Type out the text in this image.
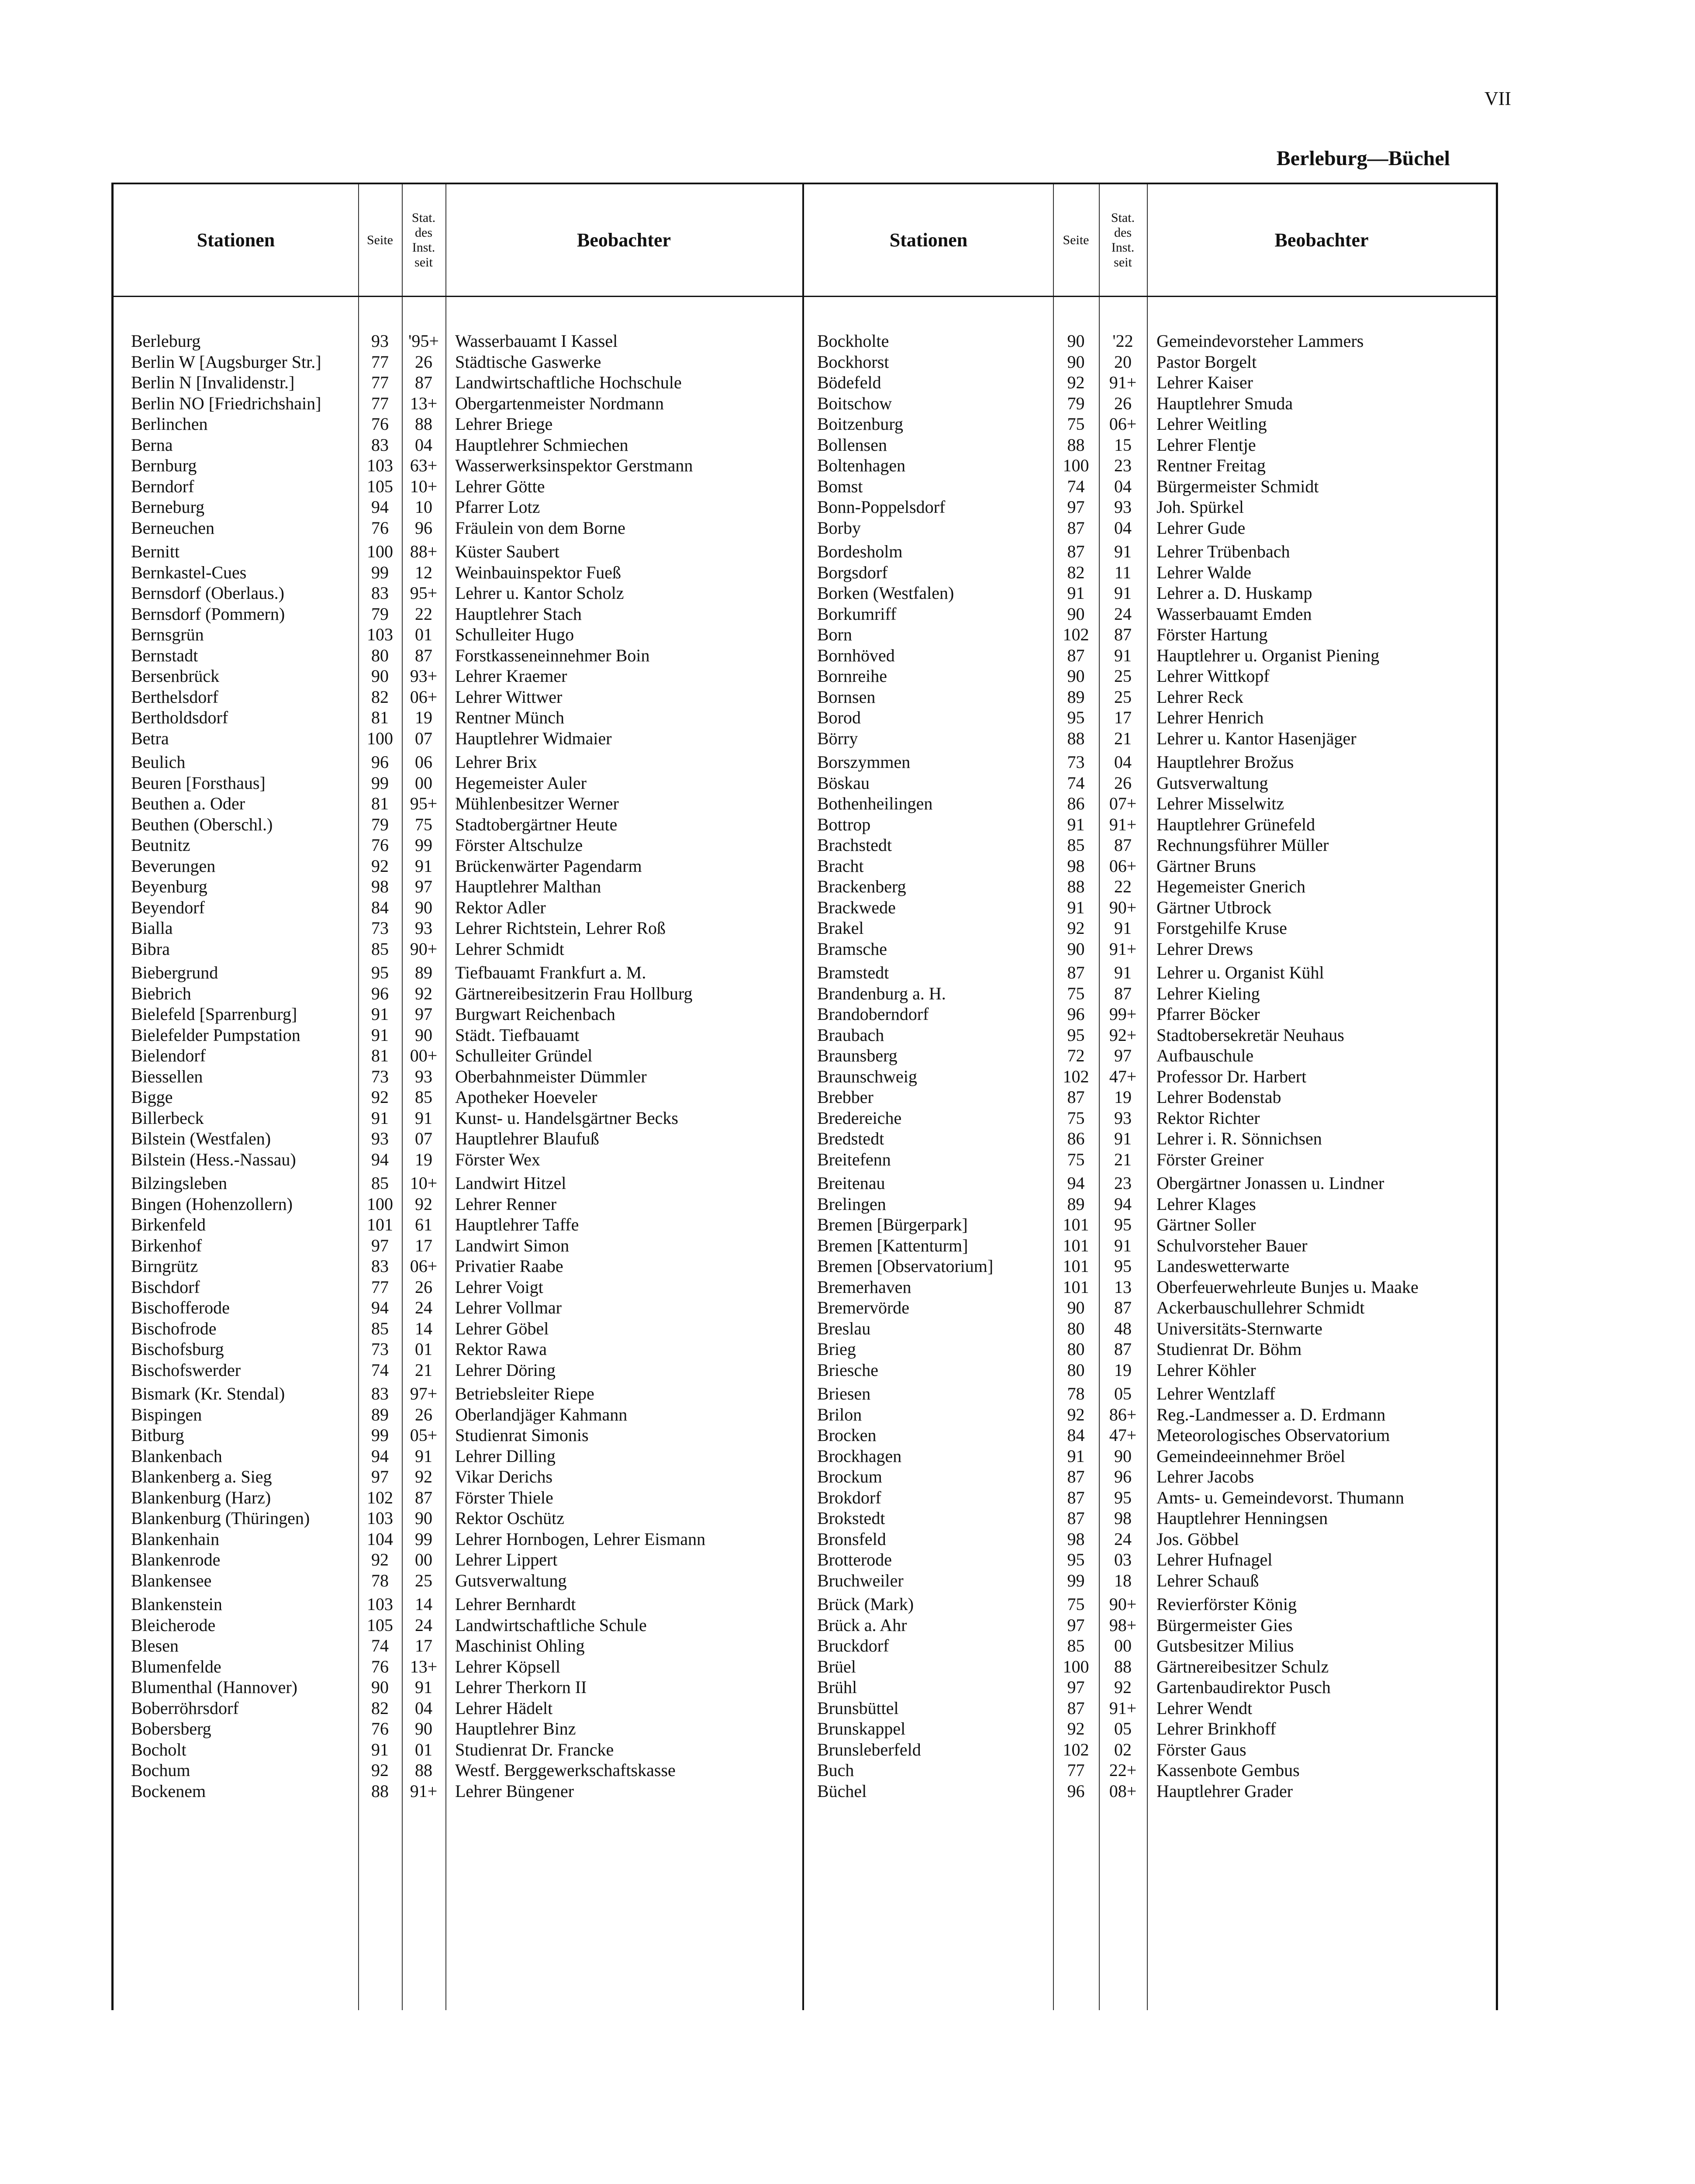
VII
Berleburg—Büchel
Stationen	Seite
Stat.
des
Inst.
seit
Beobachter
Berleburg	93	'95+ Wasserbauamt I Kassel
Berlin W [Augsburger Str.]	77	26	Städtische Gaswerke
Berlin N [Invalidenstr.]	77	87	Landwirtschaftliche Hochschule
Berlin NO [Friedrichshain]	77	13+	Obergartenmeister Nordmann
Berlinchen	76	88	Lehrer Briege
Berna	83	04	Hauptlehrer Schmiechen
Bernburg	103 63+	Wasserwerksinspektor Gerstmann
Berndorf	105 10+	Lehrer Götte
Berneburg	94	10	Pfarrer Lotz
Berneuchen	76	96	Fräulein von dem Borne
Bernitt	100 88+	Küster Saubert
Bernkastel-Cues	99	12	Weinbauinspektor Fueß
Bernsdorf (Oberlaus.)	83	95+	Lehrer u. Kantor Scholz
Bernsdorf (Pommern)	79	22	Hauptlehrer Stach
Bernsgrün	103	01	Schulleiter Hugo
Bernstadt	80	87	Forstkasseneinnehmer Boin
Bersenbrück	90	93+	Lehrer Kraemer
Berthelsdorf	82	06+	Lehrer Wittwer
Bertholdsdorf	81	19	Rentner Münch
Betra	100	07	Hauptlehrer Widmaier
Beulich	96	06	Lehrer Brix
Beuren [Forsthaus]	99	00	Hegemeister Auler
Beuthen a. Oder	81	95+	Mühlenbesitzer Werner
Beuthen (Oberschl.)	79	75	Stadtobergärtner Heute
Beutnitz	76	99	Förster Altschulze
Beverungen	92	91	Brückenwärter Pagendarm
Beyenburg	98	97	Hauptlehrer Malthan
Beyendorf	84	90	Rektor Adler
Bialla	73	93	Lehrer Richtstein, Lehrer Roß
Bibra	85	90+	Lehrer Schmidt
Biebergrund	95	89	Tiefbauamt Frankfurt a. M.
Biebrich	96	92	Gärtnereibesitzerin Frau Hollburg
Bielefeld [Sparrenburg]	91	97	Burgwart Reichenbach
Bielefelder Pumpstation	91	90	Städt. Tiefbauamt
Bielendorf	81	00+	Schulleiter Gründel
Biessellen	73	93	Oberbahnmeister Dümmler
Bigge	92	85	Apotheker Hoeveler
Billerbeck	91	91	Kunst- u. Handelsgärtner Becks
Bilstein (Westfalen)	93	07	Hauptlehrer Blaufuß
Bilstein (Hess.-Nassau)	94	19	Förster Wex
Bilzingsleben	85	10+	Landwirt Hitzel
Bingen (Hohenzollern)	100	92	Lehrer Renner
Birkenfeld	101	61	Hauptlehrer Taffe
Birkenhof	97	17	Landwirt Simon
Birngrütz	83	06+	Privatier Raabe
Bischdorf	77	26	Lehrer Voigt
Bischofferode	94	24	Lehrer Vollmar
Bischofrode	85	14	Lehrer Göbel
Bischofsburg	73	01	Rektor Rawa
Bischofswerder	74	21	Lehrer Döring
Bismark (Kr. Stendal)	83	97+	Betriebsleiter Riepe
Bispingen	89	26	Oberlandjäger Kahmann
Bitburg	99	05+	Studienrat Simonis
Blankenbach	94	91	Lehrer Dilling
Blankenberg a. Sieg	97	92	Vikar Derichs
Blankenburg (Harz)	102	87	Förster Thiele
Blankenburg (Thüringen)	103	90	Rektor Oschütz
Blankenhain	104	99	Lehrer Hornbogen, Lehrer Eismann
Blankenrode	92	00	Lehrer Lippert
Blankensee	78	25	Gutsverwaltung
Blankenstein	103	14	Lehrer Bernhardt
Bleicherode	105	24	Landwirtschaftliche Schule
Blesen	74	17	Maschinist Ohling
Blumenfelde	76	13+	Lehrer Köpsell
Blumenthal (Hannover)	90	91	Lehrer Therkorn II
Boberröhrsdorf	82	04	Lehrer Hädelt
Bobersberg	76	90	Hauptlehrer Binz
Bocholt	91	01	Studienrat Dr. Francke
Bochum	92	88	Westf. Berggewerkschaftskasse
Bockenem	88	91+	Lehrer Büngener
Stationen	Seite
Stat.
des
Inst.
seit
Beobachter
Bockholte	90	'22	Gemeindevorsteher Lammers
Bockhorst	90	20	Pastor Borgelt
Bödefeld	92	91+	Lehrer Kaiser
Boitschow	79	26	Hauptlehrer Smuda
Boitzenburg	75	06+	Lehrer Weitling
Bollensen	88	15	Lehrer Flentje
Boltenhagen	100	23	Rentner Freitag
Bomst	74	04	Bürgermeister Schmidt
Bonn-Poppelsdorf	97	93	Joh. Spürkel
Borby	87	04	Lehrer Gude
Bordesholm	87	91	Lehrer Trübenbach
Borgsdorf	82	11	Lehrer Walde
Borken (Westfalen)	91	91	Lehrer a. D. Huskamp
Borkumriff	90	24	Wasserbauamt Emden
Born	102	87	Förster Hartung
Bornhöved	87	91	Hauptlehrer u. Organist Piening
Bornreihe	90	25	Lehrer Wittkopf
Bornsen	89	25	Lehrer Reck
Borod	95	17	Lehrer Henrich
Börry	88	21	Lehrer u. Kantor Hasenjäger
Borszymmen	73	04	Hauptlehrer Brožus
Böskau	74	26	Gutsverwaltung
Bothenheilingen	86	07+	Lehrer Misselwitz
Bottrop	91	91+	Hauptlehrer Grünefeld
Brachstedt	85	87	Rechnungsführer Müller
Bracht	98	06+	Gärtner Bruns
Brackenberg	88	22	Hegemeister Gnerich
Brackwede	91	90+	Gärtner Utbrock
Brakel	92	91	Forstgehilfe Kruse
Bramsche	90	91+	Lehrer Drews
Bramstedt	87	91	Lehrer u. Organist Kühl
Brandenburg a. H.	75	87	Lehrer Kieling
Brandoberndorf	96	99+	Pfarrer Böcker
Braubach	95	92+	Stadtobersekretär Neuhaus
Braunsberg	72	97	Aufbauschule
Braunschweig	102	47+	Professor Dr. Harbert
Brebber	87	19	Lehrer Bodenstab
Bredereiche	75	93	Rektor Richter
Bredstedt	86	91	Lehrer i. R. Sönnichsen
Breitefenn	75	21	Förster Greiner
Breitenau	94	23	Obergärtner Jonassen u. Lindner
Brelingen	89	94	Lehrer Klages
Bremen [Bürgerpark]	101	95	Gärtner Soller
Bremen [Kattenturm]	101	91	Schulvorsteher Bauer
Bremen [Observatorium]	101	95	Landeswetterwarte
Bremerhaven	101	13	Oberfeuerwehrleute Bunjes u. Maake
Bremervörde	90	87	Ackerbauschullehrer Schmidt
Breslau	80	48	Universitäts-Sternwarte
Brieg	80	87	Studienrat Dr. Böhm
Briesche	80	19	Lehrer Köhler
Briesen	78	05	Lehrer Wentzlaff
Brilon	92	86+	Reg.-Landmesser a. D. Erdmann
Brocken	84	47+	Meteorologisches Observatorium
Brockhagen	91	90	Gemeindeeinnehmer Bröel
Brockum	87	96	Lehrer Jacobs
Brokdorf	87	95	Amts- u. Gemeindevorst. Thumann
Brokstedt	87	98	Hauptlehrer Henningsen
Bronsfeld	98	24	Jos. Göbbel
Brotterode	95	03	Lehrer Hufnagel
Bruchweiler	99	18	Lehrer Schauß
Brück (Mark)	75	90+	Revierförster König
Brück a. Ahr	97	98+	Bürgermeister Gies
Bruckdorf	85	00	Gutsbesitzer Milius
Brüel	100	88	Gärtnereibesitzer Schulz
Brühl	97	92	Gartenbaudirektor Pusch
Brunsbüttel	87	91+	Lehrer Wendt
Brunskappel	92	05	Lehrer Brinkhoff
Brunsleberfeld	102	02	Förster Gaus
Buch	77	22+	Kassenbote Gembus
Büchel	96	08+	Hauptlehrer Grader
